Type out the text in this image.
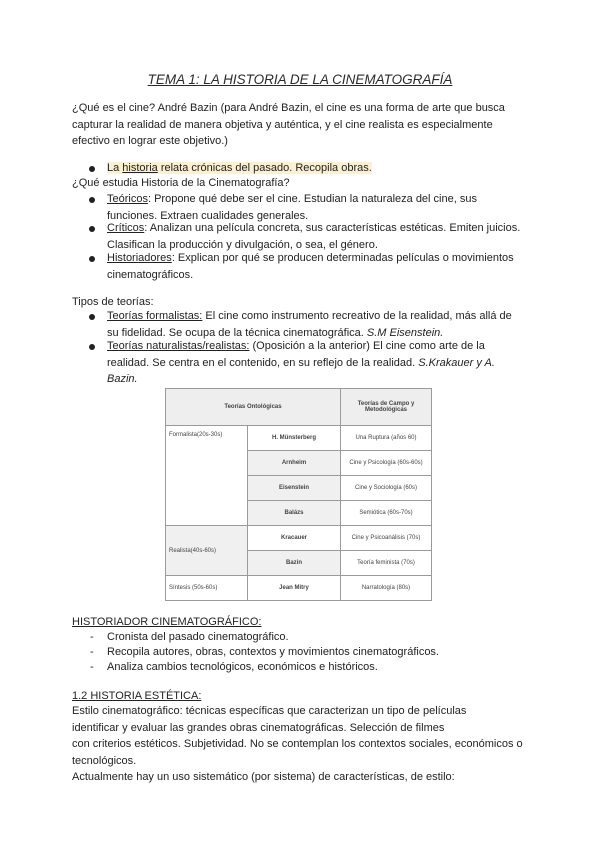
TEMA 1: LA HISTORIA DE LA CINEMATOGRAFÍA

¿Qué es el cine? André Bazin (para André Bazin, el cine es una forma de arte que busca
capturar la realidad de manera objetiva y auténtica, y el cine realista es especialmente
efectivo en lograr este objetivo.)

La historia relata crónicas del pasado. Recopila obras.

¿Qué estudia Historia de la Cinematografía?

Teóricos: Propone qué debe ser el cine. Estudian la naturaleza del cine, sus
funciones. Extraen cualidades generales.
Críticos: Analizan una película concreta, sus características estéticas. Emiten juicios.
Clasifican la producción y divulgación, o sea, el género.
Historiadores: Explican por qué se producen determinadas películas o movimientos
cinematográficos.

Tipos de teorías:

Teorías formalistas: El cine como instrumento recreativo de la realidad, más allá de
su fidelidad. Se ocupa de la técnica cinematográfica. S.M Eisenstein.
Teorías naturalistas/realistas: (Oposición a la anterior) El cine como arte de la
realidad. Se centra en el contenido, en su reflejo de la realidad. S.Krakauer y A.
Bazin.
Teorías Ontológicas		Teorías de Campo y Metodológicas
Formalista(20s-30s)	H. Münsterberg	Una Ruptura (años 60)
	Arnheim	Cine y Psicología (60s-60s)
	Eisenstein	Cine y Sociología (60s)
	Balázs	Semiótica (60s-70s)
Realista(40s-60s)	Kracauer	Cine y Psicoanálisis (70s)
	Bazin	Teoría feminista (70s)
Síntesis (50s-60s)	Jean Mitry	Narratología (80s)

HISTORIADOR CINEMATOGRÁFICO:

- Cronista del pasado cinematográfico.
- Recopila autores, obras, contextos y movimientos cinematográficos.
- Analiza cambios tecnológicos, económicos e históricos.

1.2 HISTORIA ESTÉTICA:

Estilo cinematográfico: técnicas específicas que caracterizan un tipo de películas
identificar y evaluar las grandes obras cinematográficas. Selección de filmes
con criterios estéticos. Subjetividad. No se contemplan los contextos sociales, económicos o
tecnológicos.
Actualmente hay un uso sistemático (por sistema) de características, de estilo:
